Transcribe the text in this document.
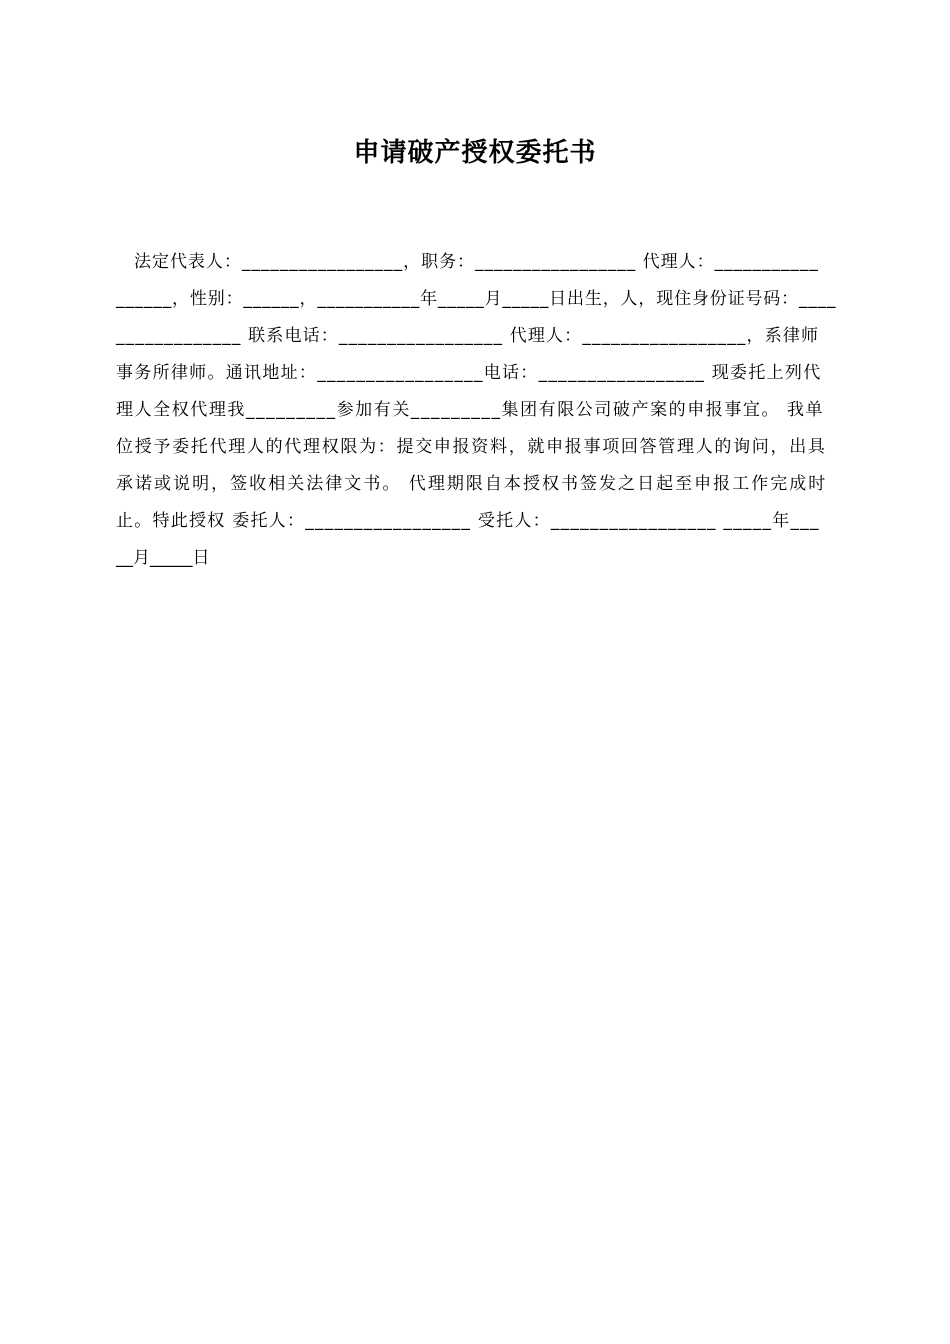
申请破产授权委托书
　法定代表人：_________________，职务：_________________ 代理人：___________
______，性别：______，___________年_____月_____日出生，人，现住身份证号码：____
_____________ 联系电话：_________________ 代理人：_________________，系律师
事务所律师。通讯地址：_________________电话：_________________ 现委托上列代
理人全权代理我_________参加有关_________集团有限公司破产案的申报事宜。 我单
位授予委托代理人的代理权限为：提交申报资料，就申报事项回答管理人的询问，出具
承诺或说明，签收相关法律文书。 代理期限自本授权书签发之日起至申报工作完成时
止。特此授权 委托人：_________________ 受托人：_________________ _____年___
__月_____日
